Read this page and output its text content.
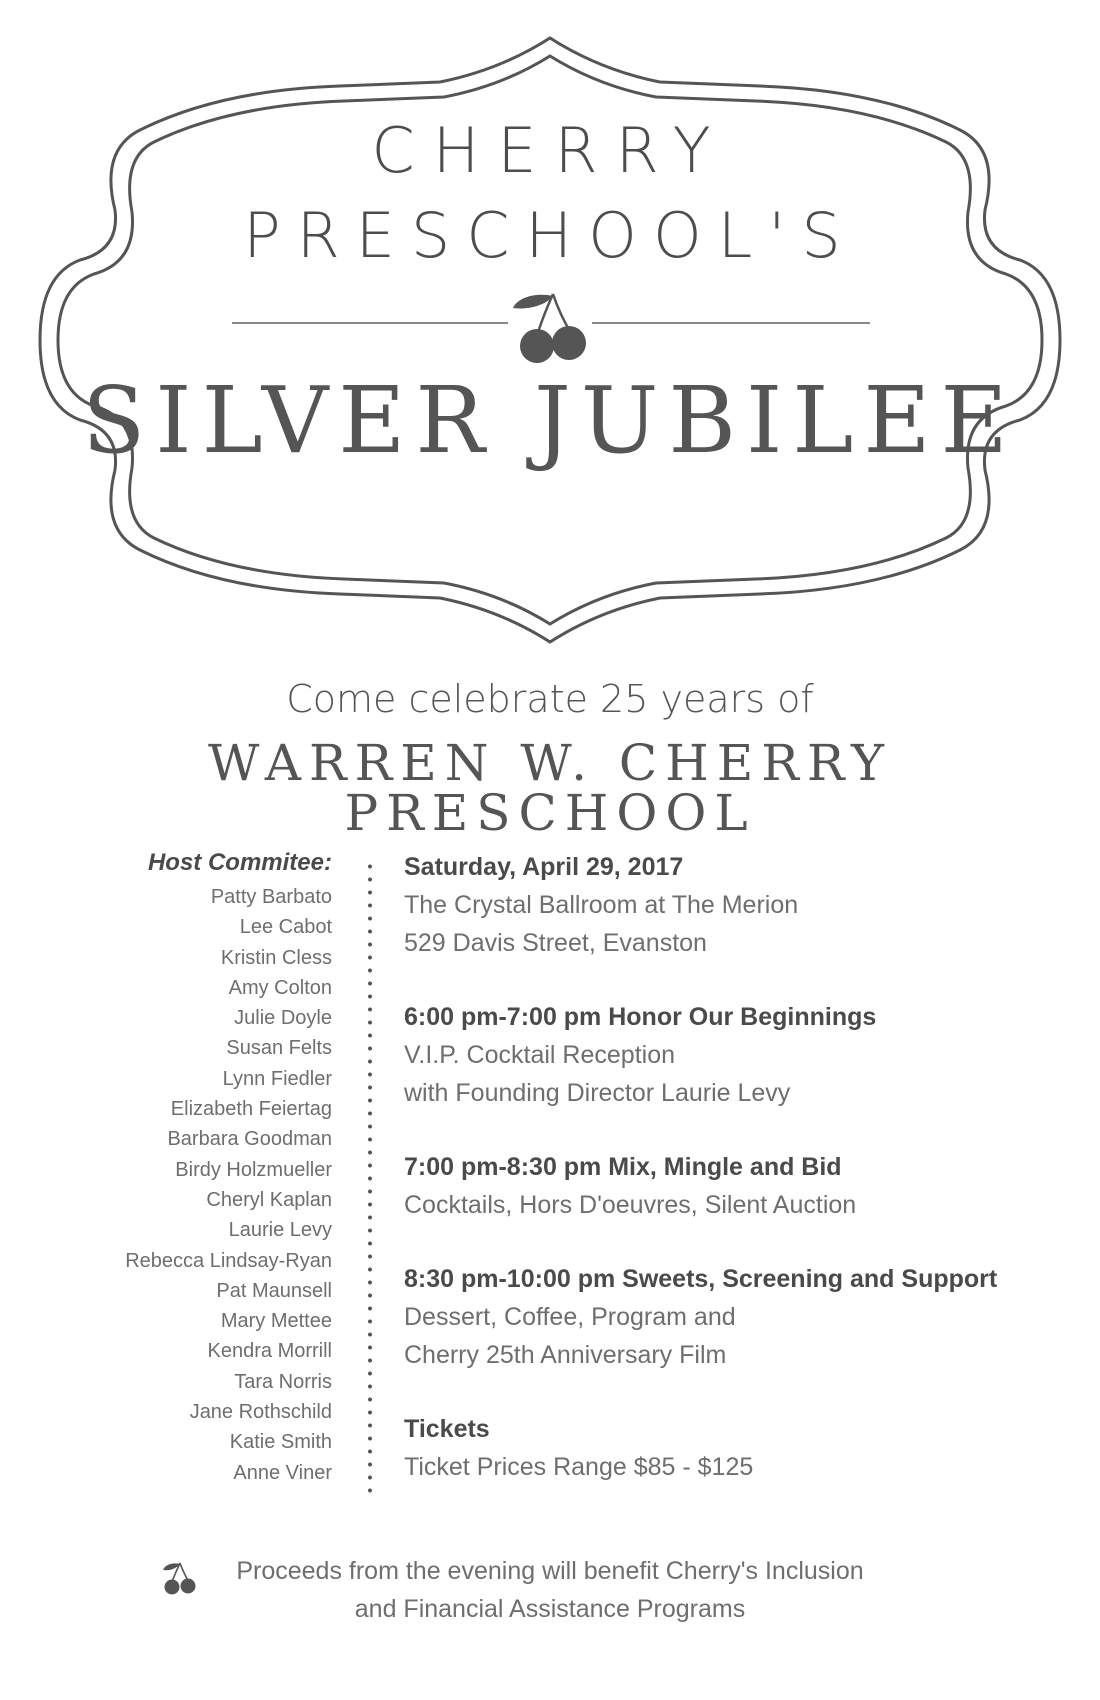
CHERRY
PRESCHOOL'S
SILVER JUBILEE
Come celebrate 25 years of
WARREN W. CHERRY PRESCHOOL
Host Commitee:
Patty Barbato
Lee Cabot
Kristin Cless
Amy Colton
Julie Doyle
Susan Felts
Lynn Fiedler
Elizabeth Feiertag
Barbara Goodman
Birdy Holzmueller
Cheryl Kaplan
Laurie Levy
Rebecca Lindsay-Ryan
Pat Maunsell
Mary Mettee
Kendra Morrill
Tara Norris
Jane Rothschild
Katie Smith
Anne Viner
Saturday, April 29, 2017
The Crystal Ballroom at The Merion
529 Davis Street, Evanston
6:00 pm-7:00 pm Honor Our Beginnings
V.I.P. Cocktail Reception
with Founding Director Laurie Levy
7:00 pm-8:30 pm Mix, Mingle and Bid
Cocktails, Hors D'oeuvres, Silent Auction
8:30 pm-10:00 pm Sweets, Screening and Support
Dessert, Coffee, Program and
Cherry 25th Anniversary Film
Tickets
Ticket Prices Range $85 - $125
Proceeds from the evening will benefit Cherry's Inclusion
and Financial Assistance Programs
